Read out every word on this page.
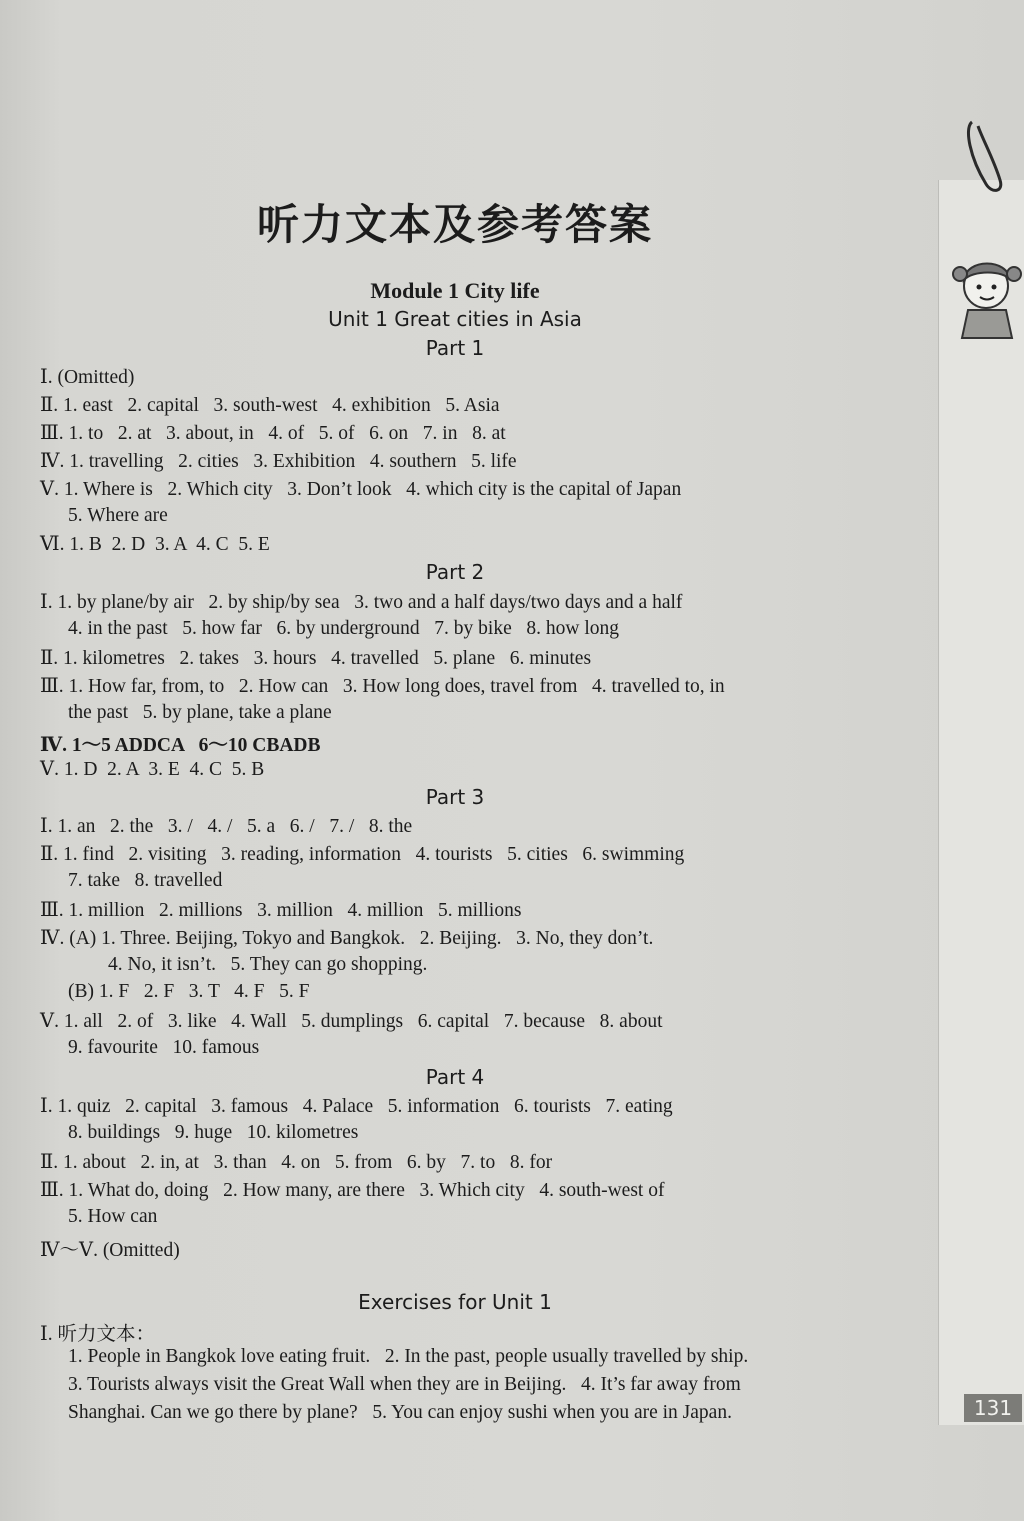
131
听力文本及参考答案
Module 1 City life
Unit 1 Great cities in Asia
Part 1
Ⅰ. (Omitted)
Ⅱ. 1. east   2. capital   3. south-west   4. exhibition   5. Asia
Ⅲ. 1. to   2. at   3. about, in   4. of   5. of   6. on   7. in   8. at
Ⅳ. 1. travelling   2. cities   3. Exhibition   4. southern   5. life
Ⅴ. 1. Where is   2. Which city   3. Don’t look   4. which city is the capital of Japan
5. Where are
Ⅵ. 1. B  2. D  3. A  4. C  5. E
Part 2
Ⅰ. 1. by plane/by air   2. by ship/by sea   3. two and a half days/two days and a half
4. in the past   5. how far   6. by underground   7. by bike   8. how long
Ⅱ. 1. kilometres   2. takes   3. hours   4. travelled   5. plane   6. minutes
Ⅲ. 1. How far, from, to   2. How can   3. How long does, travel from   4. travelled to, in
the past   5. by plane, take a plane
Ⅳ. 1～5 ADDCA   6～10 CBADB
Ⅴ. 1. D  2. A  3. E  4. C  5. B
Part 3
Ⅰ. 1. an   2. the   3. /   4. /   5. a   6. /   7. /   8. the
Ⅱ. 1. find   2. visiting   3. reading, information   4. tourists   5. cities   6. swimming
7. take   8. travelled
Ⅲ. 1. million   2. millions   3. million   4. million   5. millions
Ⅳ. (A) 1. Three. Beijing, Tokyo and Bangkok.   2. Beijing.   3. No, they don’t.
4. No, it isn’t.   5. They can go shopping.
(B) 1. F   2. F   3. T   4. F   5. F
Ⅴ. 1. all   2. of   3. like   4. Wall   5. dumplings   6. capital   7. because   8. about
9. favourite   10. famous
Part 4
Ⅰ. 1. quiz   2. capital   3. famous   4. Palace   5. information   6. tourists   7. eating
8. buildings   9. huge   10. kilometres
Ⅱ. 1. about   2. in, at   3. than   4. on   5. from   6. by   7. to   8. for
Ⅲ. 1. What do, doing   2. How many, are there   3. Which city   4. south-west of
5. How can
Ⅳ～Ⅴ. (Omitted)
Exercises for Unit 1
Ⅰ. 听力文本：
1. People in Bangkok love eating fruit.   2. In the past, people usually travelled by ship.
3. Tourists always visit the Great Wall when they are in Beijing.   4. It’s far away from
Shanghai. Can we go there by plane?   5. You can enjoy sushi when you are in Japan.
